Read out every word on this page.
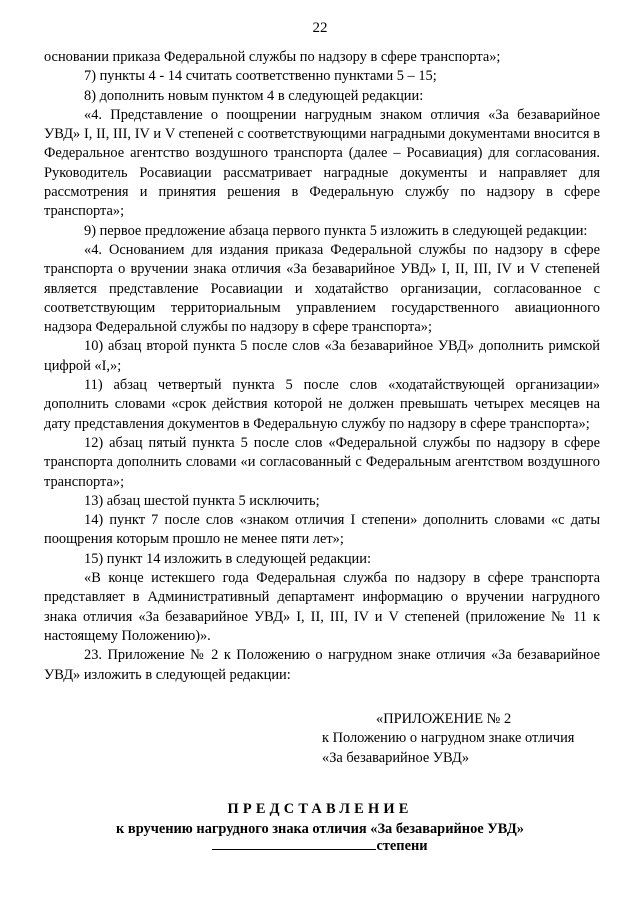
22

основании приказа Федеральной службы по надзору в сфере транспорта»;

7) пункты 4 - 14 считать соответственно пунктами 5 – 15;

8) дополнить новым пунктом 4 в следующей редакции:

«4. Представление о поощрении нагрудным знаком отличия «За безаварийное УВД» I, II, III, IV и V степеней с соответствующими наградными документами вносится в Федеральное агентство воздушного транспорта (далее – Росавиация) для согласования. Руководитель Росавиации рассматривает наградные документы и направляет для рассмотрения и принятия решения в Федеральную службу по надзору в сфере транспорта»;

9) первое предложение абзаца первого пункта 5 изложить в следующей редакции:

«4. Основанием для издания приказа Федеральной службы по надзору в сфере транспорта о вручении знака отличия «За безаварийное УВД» I, II, III, IV и V степеней является представление Росавиации и ходатайство организации, согласованное с соответствующим территориальным управлением государственного авиационного надзора Федеральной службы по надзору в сфере транспорта»;

10) абзац второй пункта 5 после слов «За безаварийное УВД» дополнить римской цифрой «I,»;

11) абзац четвертый пункта 5 после слов «ходатайствующей организации» дополнить словами «срок действия которой не должен превышать четырех месяцев на дату представления документов в Федеральную службу по надзору в сфере транспорта»;

12) абзац пятый пункта 5 после слов «Федеральной службы по надзору в сфере транспорта дополнить словами «и согласованный с Федеральным агентством воздушного транспорта»;

13) абзац шестой пункта 5 исключить;

14) пункт 7 после слов «знаком отличия I степени» дополнить словами «с даты поощрения которым прошло не менее пяти лет»;

15) пункт 14 изложить в следующей редакции:

«В конце истекшего года Федеральная служба по надзору в сфере транспорта представляет в Административный департамент информацию о вручении нагрудного знака отличия «За безаварийное УВД» I, II, III, IV и V степеней (приложение № 11 к настоящему Положению)».

23. Приложение № 2 к Положению о нагрудном знаке отличия «За безаварийное УВД» изложить в следующей редакции:

«ПРИЛОЖЕНИЕ № 2
к Положению о нагрудном знаке отличия
«За безаварийное УВД»
ПРЕДСТАВЛЕНИЕ
к вручению нагрудного знака отличия «За безаварийное УВД»
степени
